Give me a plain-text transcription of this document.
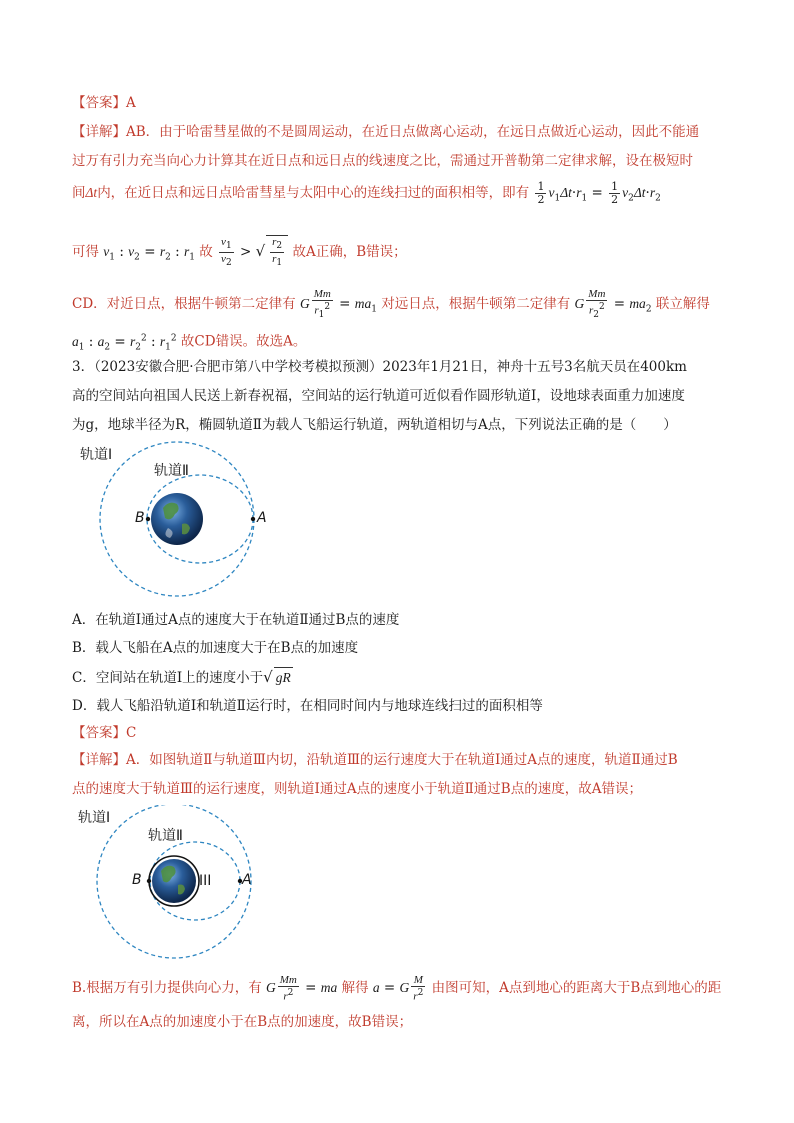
【答案】A
【详解】AB．由于哈雷彗星做的不是圆周运动，在近日点做离心运动，在远日点做近心运动，因此不能通
过万有引力充当向心力计算其在近日点和远日点的线速度之比，需通过开普勒第二定律求解，设在极短时
间Δt内，在近日点和远日点哈雷彗星与太阳中心的连线扫过的面积相等，即有 $\frac{1}{2} v_1\Delta t\cdot r_1 = \frac{1}{2} v_2\Delta t\cdot r_2$
可得 $v_1$ : $v_2 = r_2$ : $r_1$ 故 $\frac{v_1}{v_2}$ > √ $\frac{r_2}{r_1}$ 故A正确，B错误；
CD．对近日点，根据牛顿第二定律有 G $\frac{Mm}{r_1^2} = ma_1$ 对远日点，根据牛顿第二定律有 G $\frac{Mm}{r_2^2} = ma_2$ 联立解得
$a_1$ : $a_2 = r_2^2$ : $r_1^2$ 故CD错误。故选A。
3．（2023安徽合肥·合肥市第八中学校考模拟预测）2023年1月21日，神舟十五号3名航天员在400km
高的空间站向祖国人民送上新春祝福，空间站的运行轨道可近似看作圆形轨道Ⅰ，设地球表面重力加速度
为g，地球半径为R，椭圆轨道Ⅱ为载人飞船运行轨道，两轨道相切与A点，下列说法正确的是（　　）
轨道Ⅰ
轨道Ⅱ
B	A
A．在轨道Ⅰ通过A点的速度大于在轨道Ⅱ通过B点的速度
B．载人飞船在A点的加速度大于在B点的加速度
C．空间站在轨道Ⅰ上的速度小于√ gR
D．载人飞船沿轨道Ⅰ和轨道Ⅱ运行时，在相同时间内与地球连线扫过的面积相等
【答案】C
【详解】A．如图轨道Ⅱ与轨道Ⅲ内切，沿轨道Ⅲ的运行速度大于在轨道Ⅰ通过A点的速度，轨道Ⅱ通过B
点的速度大于轨道Ⅲ的运行速度，则轨道Ⅰ通过A点的速度小于轨道Ⅱ通过B点的速度，故A错误；
轨道Ⅰ
轨道Ⅱ
III
B	A
B.根据万有引力提供向心力，有 G $\frac{Mm}{r^2}$ = ma 解得 a = G $\frac{M}{r^2}$ 由图可知，A点到地心的距离大于B点到地心的距
离，所以在A点的加速度小于在B点的加速度，故B错误；
